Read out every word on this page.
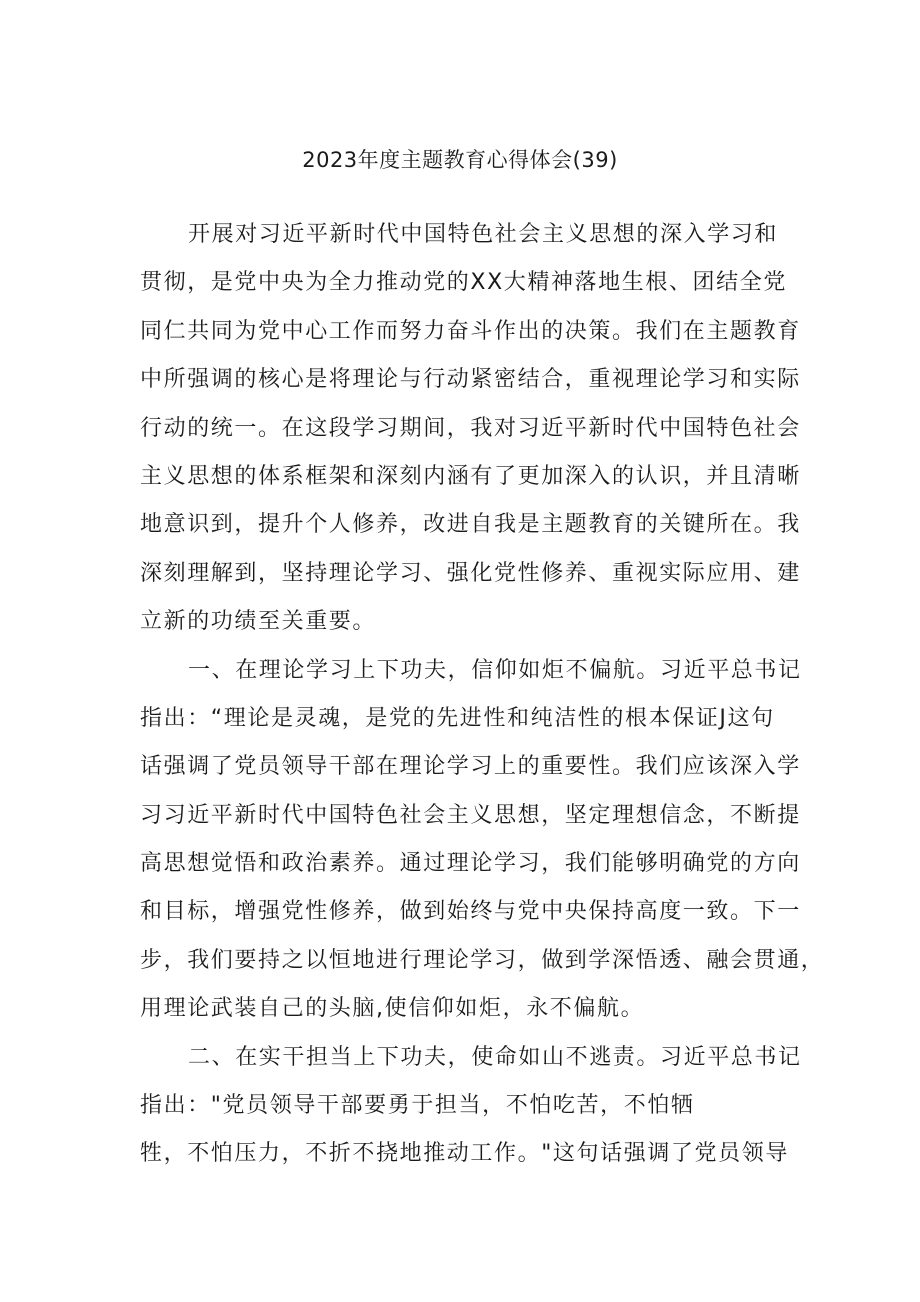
2023年度主题教育心得体会(39)
开展对习近平新时代中国特色社会主义思想的深入学习和
贯彻，是党中央为全力推动党的XX大精神落地生根、团结全党
同仁共同为党中心工作而努力奋斗作出的决策。我们在主题教育
中所强调的核心是将理论与行动紧密结合，重视理论学习和实际
行动的统一。在这段学习期间，我对习近平新时代中国特色社会
主义思想的体系框架和深刻内涵有了更加深入的认识，并且清晰
地意识到，提升个人修养，改进自我是主题教育的关键所在。我
深刻理解到，坚持理论学习、强化党性修养、重视实际应用、建
立新的功绩至关重要。
一、在理论学习上下功夫，信仰如炬不偏航。习近平总书记
指出：“理论是灵魂，是党的先进性和纯洁性的根本保证J这句
话强调了党员领导干部在理论学习上的重要性。我们应该深入学
习习近平新时代中国特色社会主义思想，坚定理想信念，不断提
高思想觉悟和政治素养。通过理论学习，我们能够明确党的方向
和目标，增强党性修养，做到始终与党中央保持高度一致。下一
步，我们要持之以恒地进行理论学习，做到学深悟透、融会贯通，
用理论武装自己的头脑,使信仰如炬，永不偏航。
二、在实干担当上下功夫，使命如山不逃责。习近平总书记
指出："党员领导干部要勇于担当，不怕吃苦，不怕牺
牲，不怕压力，不折不挠地推动工作。"这句话强调了党员领导
